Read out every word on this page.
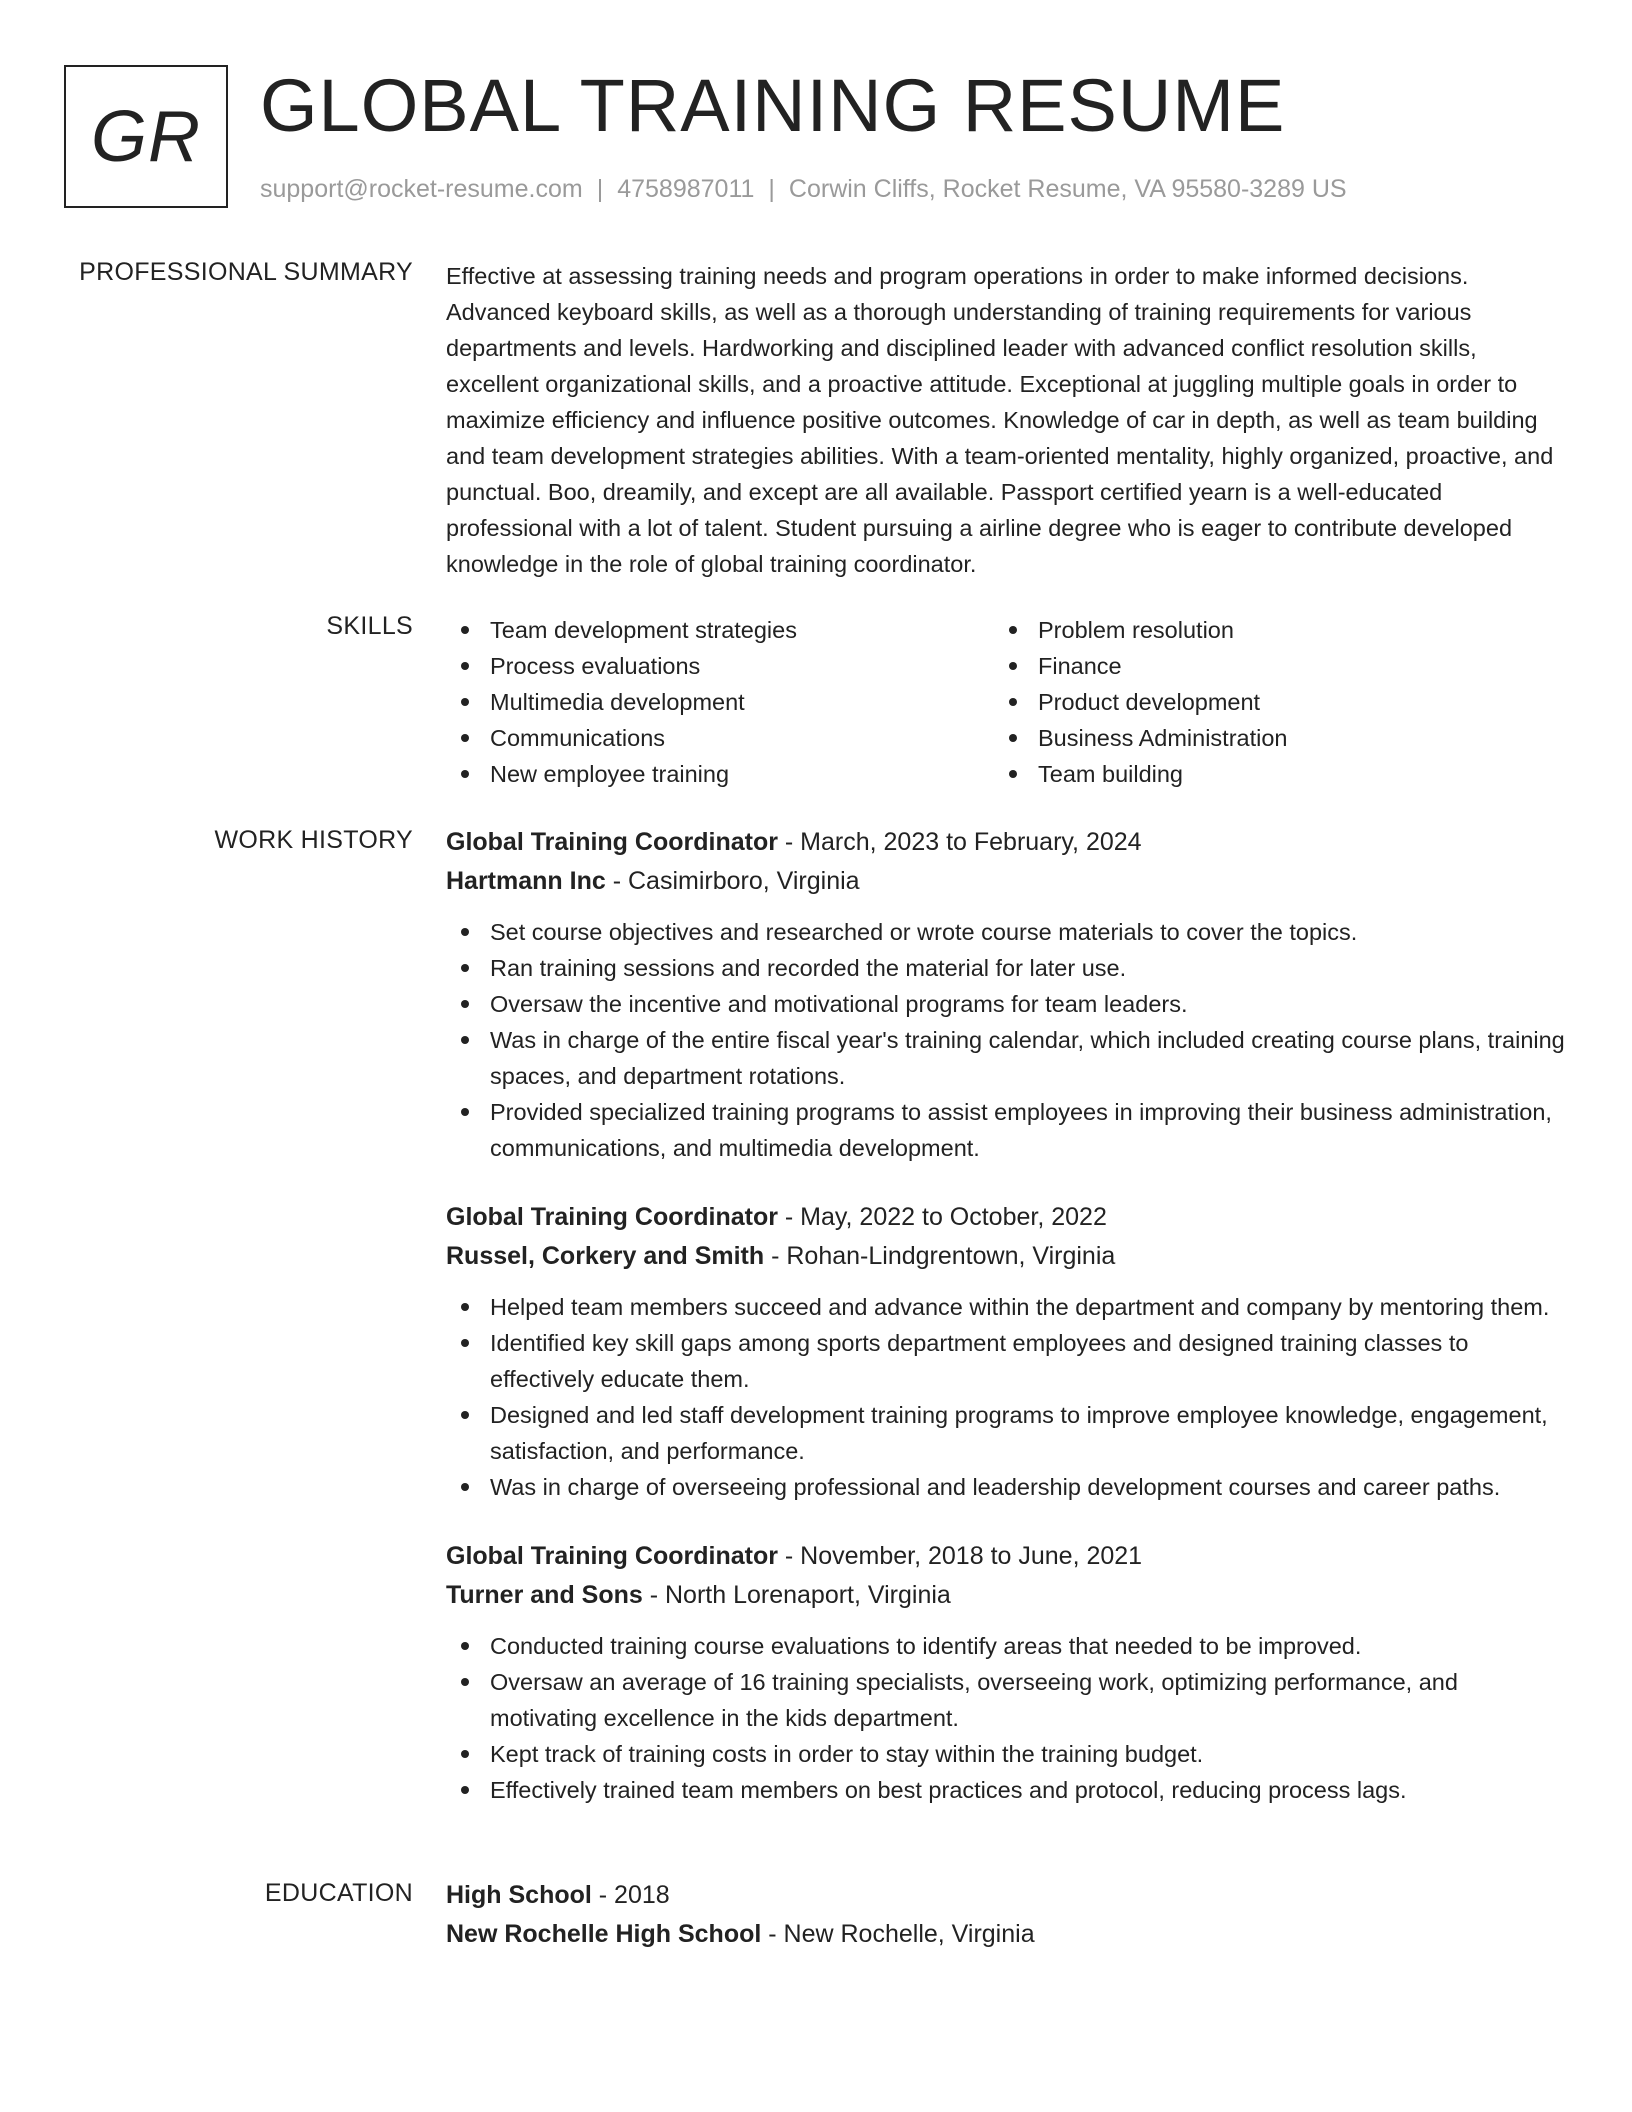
GR GLOBAL TRAINING RESUME
support@rocket-resume.com | 4758987011 | Corwin Cliffs, Rocket Resume, VA 95580-3289 US
PROFESSIONAL SUMMARY Effective at assessing training needs and program operations in order to make informed decisions. Advanced keyboard skills, as well as a thorough understanding of training requirements for various departments and levels. Hardworking and disciplined leader with advanced conflict resolution skills, excellent organizational skills, and a proactive attitude. Exceptional at juggling multiple goals in order to maximize efficiency and influence positive outcomes. Knowledge of car in depth, as well as team building and team development strategies abilities. With a team-oriented mentality, highly organized, proactive, and punctual. Boo, dreamily, and except are all available. Passport certified yearn is a well-educated professional with a lot of talent. Student pursuing a airline degree who is eager to contribute developed knowledge in the role of global training coordinator.

SKILLS	Team development strategies
Process evaluations
Multimedia development
Communications
New employee training
Problem resolution
Finance
Product development
Business Administration
Team building
WORK HISTORY Global Training Coordinator - March, 2023 to February, 2024
Hartmann Inc - Casimirboro, Virginia
Set course objectives and researched or wrote course materials to cover the topics.
Ran training sessions and recorded the material for later use.
Oversaw the incentive and motivational programs for team leaders.
Was in charge of the entire fiscal year's training calendar, which included creating course plans, training spaces, and department rotations.
Provided specialized training programs to assist employees in improving their business administration, communications, and multimedia development.
Global Training Coordinator - May, 2022 to October, 2022
Russel, Corkery and Smith - Rohan-Lindgrentown, Virginia
Helped team members succeed and advance within the department and company by mentoring them.
Identified key skill gaps among sports department employees and designed training classes to effectively educate them.
Designed and led staff development training programs to improve employee knowledge, engagement, satisfaction, and performance.
Was in charge of overseeing professional and leadership development courses and career paths.
Global Training Coordinator - November, 2018 to June, 2021
Turner and Sons - North Lorenaport, Virginia
Conducted training course evaluations to identify areas that needed to be improved.
Oversaw an average of 16 training specialists, overseeing work, optimizing performance, and motivating excellence in the kids department.
Kept track of training costs in order to stay within the training budget.
Effectively trained team members on best practices and protocol, reducing process lags.
EDUCATION High School - 2018
New Rochelle High School - New Rochelle, Virginia
